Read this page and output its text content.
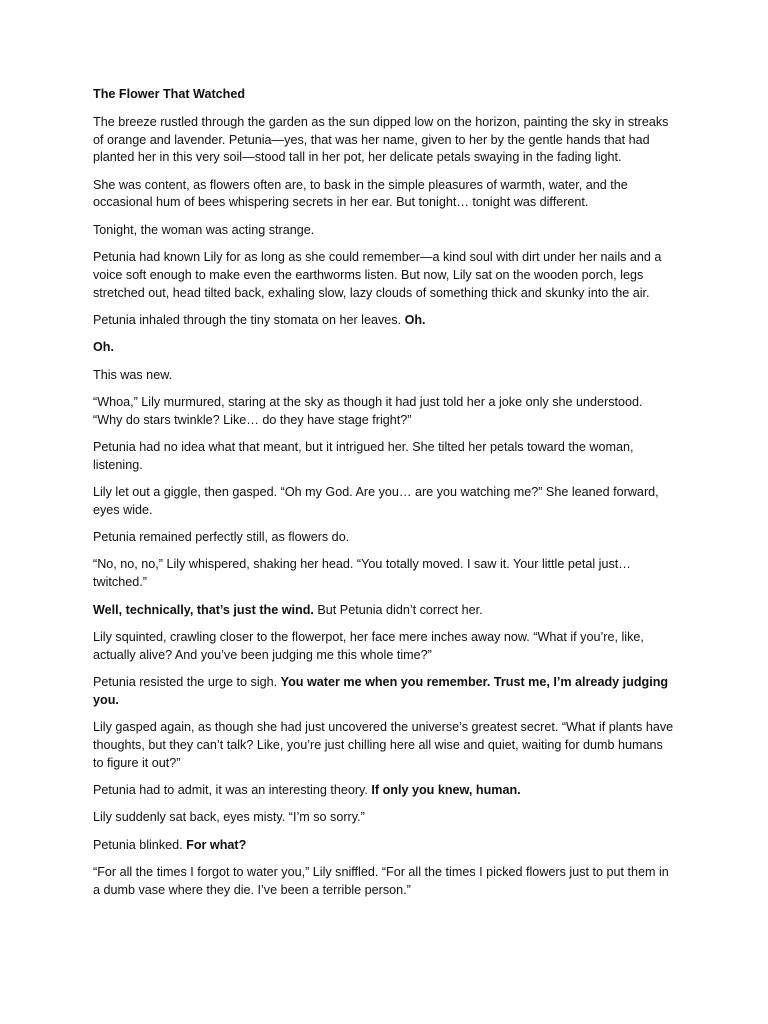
The Flower That Watched

The breeze rustled through the garden as the sun dipped low on the horizon, painting the sky in streaks of orange and lavender. Petunia—yes, that was her name, given to her by the gentle hands that had planted her in this very soil—stood tall in her pot, her delicate petals swaying in the fading light.

She was content, as flowers often are, to bask in the simple pleasures of warmth, water, and the occasional hum of bees whispering secrets in her ear. But tonight… tonight was different.

Tonight, the woman was acting strange.

Petunia had known Lily for as long as she could remember—a kind soul with dirt under her nails and a voice soft enough to make even the earthworms listen. But now, Lily sat on the wooden porch, legs stretched out, head tilted back, exhaling slow, lazy clouds of something thick and skunky into the air.

Petunia inhaled through the tiny stomata on her leaves. Oh.

Oh.

This was new.

“Whoa,” Lily murmured, staring at the sky as though it had just told her a joke only she understood. “Why do stars twinkle? Like… do they have stage fright?”

Petunia had no idea what that meant, but it intrigued her. She tilted her petals toward the woman, listening.

Lily let out a giggle, then gasped. “Oh my God. Are you… are you watching me?” She leaned forward, eyes wide.

Petunia remained perfectly still, as flowers do.

“No, no, no,” Lily whispered, shaking her head. “You totally moved. I saw it. Your little petal just… twitched.”

Well, technically, that’s just the wind. But Petunia didn’t correct her.

Lily squinted, crawling closer to the flowerpot, her face mere inches away now. “What if you’re, like, actually alive? And you’ve been judging me this whole time?”

Petunia resisted the urge to sigh. You water me when you remember. Trust me, I’m already judging you.

Lily gasped again, as though she had just uncovered the universe’s greatest secret. “What if plants have thoughts, but they can’t talk? Like, you’re just chilling here all wise and quiet, waiting for dumb humans to figure it out?”

Petunia had to admit, it was an interesting theory. If only you knew, human.

Lily suddenly sat back, eyes misty. “I’m so sorry.”

Petunia blinked. For what?

“For all the times I forgot to water you,” Lily sniffled. “For all the times I picked flowers just to put them in a dumb vase where they die. I’ve been a terrible person.”
